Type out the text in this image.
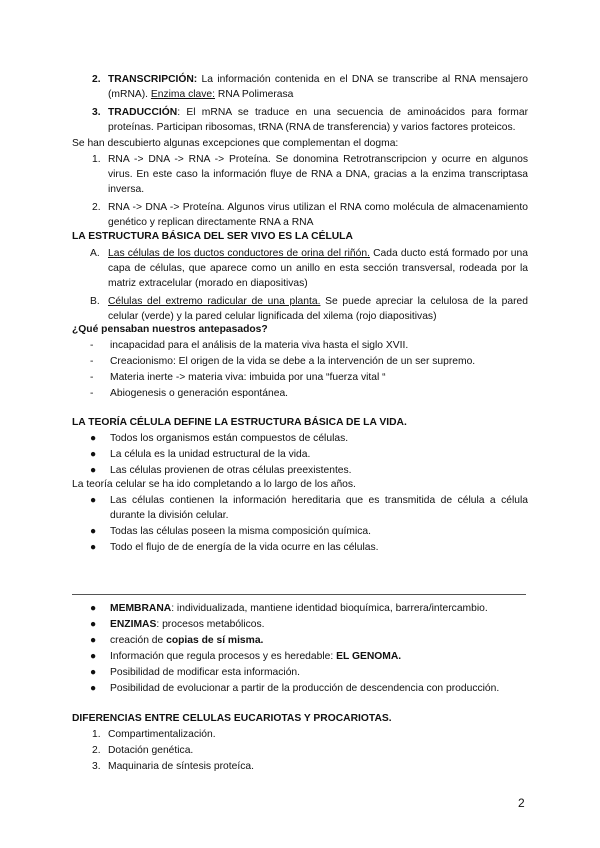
2. TRANSCRIPCIÓN: La información contenida en el DNA se transcribe al RNA mensajero (mRNA). Enzima clave: RNA Polimerasa
3. TRADUCCIÓN: El mRNA se traduce en una secuencia de aminoácidos para formar proteínas. Participan ribosomas, tRNA (RNA de transferencia) y varios factores proteicos.
Se han descubierto algunas excepciones que complementan el dogma:
1. RNA -> DNA -> RNA -> Proteína. Se donomina Retrotranscripcion y ocurre en algunos virus. En este caso la información fluye de RNA a DNA, gracias a la enzima transcriptasa inversa.
2. RNA -> DNA -> Proteína. Algunos virus utilizan el RNA como molécula de almacenamiento genético y replican directamente RNA a RNA
LA ESTRUCTURA BÁSICA DEL SER VIVO ES LA CÉLULA
A. Las células de los ductos conductores de orina del riñón. Cada ducto está formado por una capa de células, que aparece como un anillo en esta sección transversal, rodeada por la matriz extracelular (morado en diapositivas)
B. Células del extremo radicular de una planta. Se puede apreciar la celulosa de la pared celular (verde) y la pared celular lignificada del xilema (rojo diapositivas)
¿Qué pensaban nuestros antepasados?
- incapacidad para el análisis de la materia viva hasta el siglo XVII.
- Creacionismo: El origen de la vida se debe a la intervención de un ser supremo.
- Materia inerte -> materia viva: imbuida por una “fuerza vital “
- Abiogenesis o generación espontánea.
LA TEORÍA CÉLULA DEFINE LA ESTRUCTURA BÁSICA DE LA VIDA.
● Todos los organismos están compuestos de células.
● La célula es la unidad estructural de la vida.
● Las células provienen de otras células preexistentes.
La teoría celular se ha ido completando a lo largo de los años.
● Las células contienen la información hereditaria que es transmitida de célula a célula durante la división celular.
● Todas las células poseen la misma composición química.
● Todo el flujo de de energía de la vida ocurre en las células.
● MEMBRANA: individualizada, mantiene identidad bioquímica, barrera/intercambio.
● ENZIMAS: procesos metabólicos.
● creación de copias de sí misma.
● Información que regula procesos y es heredable: EL GENOMA.
● Posibilidad de modificar esta información.
● Posibilidad de evolucionar a partir de la producción de descendencia con producción.
DIFERENCIAS ENTRE CELULAS EUCARIOTAS Y PROCARIOTAS.
1. Compartimentalización.
2. Dotación genética.
3. Maquinaria de síntesis proteíca.
2
